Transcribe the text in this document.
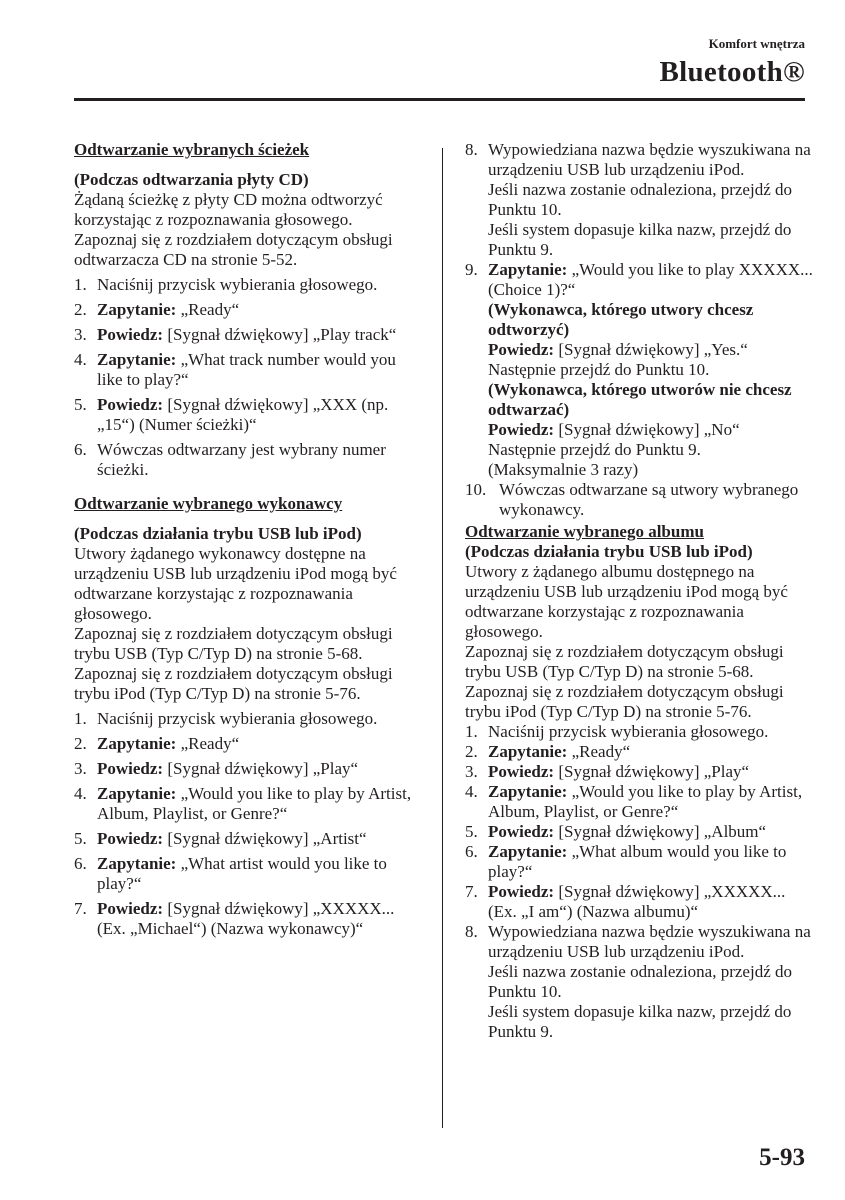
Komfort wnętrza
Bluetooth®

Odtwarzanie wybranych ścieżek

(Podczas odtwarzania płyty CD)

Żądaną ścieżkę z płyty CD można odtworzyć korzystając z rozpoznawania głosowego.

Zapoznaj się z rozdziałem dotyczącym obsługi odtwarzacza CD na stronie 5-52.

1. Naciśnij przycisk wybierania głosowego.
2. Zapytanie: „Ready“
3. Powiedz: [Sygnał dźwiękowy] „Play track“
4. Zapytanie: „What track number would you like to play?“
5. Powiedz: [Sygnał dźwiękowy] „XXX (np. „15“) (Numer ścieżki)“
6. Wówczas odtwarzany jest wybrany numer ścieżki.

Odtwarzanie wybranego wykonawcy

(Podczas działania trybu USB lub iPod)

Utwory żądanego wykonawcy dostępne na urządzeniu USB lub urządzeniu iPod mogą być odtwarzane korzystając z rozpoznawania głosowego.

Zapoznaj się z rozdziałem dotyczącym obsługi trybu USB (Typ C/Typ D) na stronie 5-68. Zapoznaj się z rozdziałem dotyczącym obsługi trybu iPod (Typ C/Typ D) na stronie 5-76.

1. Naciśnij przycisk wybierania głosowego.
2. Zapytanie: „Ready“
3. Powiedz: [Sygnał dźwiękowy] „Play“
4. Zapytanie: „Would you like to play by Artist, Album, Playlist, or Genre?“
5. Powiedz: [Sygnał dźwiękowy] „Artist“
6. Zapytanie: „What artist would you like to play?“
7. Powiedz: [Sygnał dźwiękowy] „XXXXX... (Ex. „Michael“) (Nazwa wykonawcy)“
8. Wypowiedziana nazwa będzie wyszukiwana na urządzeniu USB lub urządzeniu iPod.
Jeśli nazwa zostanie odnaleziona, przejdź do Punktu 10.
Jeśli system dopasuje kilka nazw, przejdź do Punktu 9.
9. Zapytanie: „Would you like to play XXXXX... (Choice 1)?“
(Wykonawca, którego utwory chcesz odtworzyć)
Powiedz: [Sygnał dźwiękowy] „Yes.“
Następnie przejdź do Punktu 10.
(Wykonawca, którego utworów nie chcesz odtwarzać)
Powiedz: [Sygnał dźwiękowy] „No“
Następnie przejdź do Punktu 9.
(Maksymalnie 3 razy)
10. Wówczas odtwarzane są utwory wybranego wykonawcy.

Odtwarzanie wybranego albumu

(Podczas działania trybu USB lub iPod)

Utwory z żądanego albumu dostępnego na urządzeniu USB lub urządzeniu iPod mogą być odtwarzane korzystając z rozpoznawania głosowego.

Zapoznaj się z rozdziałem dotyczącym obsługi trybu USB (Typ C/Typ D) na stronie 5-68. Zapoznaj się z rozdziałem dotyczącym obsługi trybu iPod (Typ C/Typ D) na stronie 5-76.

1. Naciśnij przycisk wybierania głosowego.
2. Zapytanie: „Ready“
3. Powiedz: [Sygnał dźwiękowy] „Play“
4. Zapytanie: „Would you like to play by Artist, Album, Playlist, or Genre?“
5. Powiedz: [Sygnał dźwiękowy] „Album“
6. Zapytanie: „What album would you like to play?“
7. Powiedz: [Sygnał dźwiękowy] „XXXXX... (Ex. „I am“) (Nazwa albumu)“
8. Wypowiedziana nazwa będzie wyszukiwana na urządzeniu USB lub urządzeniu iPod.
Jeśli nazwa zostanie odnaleziona, przejdź do Punktu 10.
Jeśli system dopasuje kilka nazw, przejdź do Punktu 9.
5-93
